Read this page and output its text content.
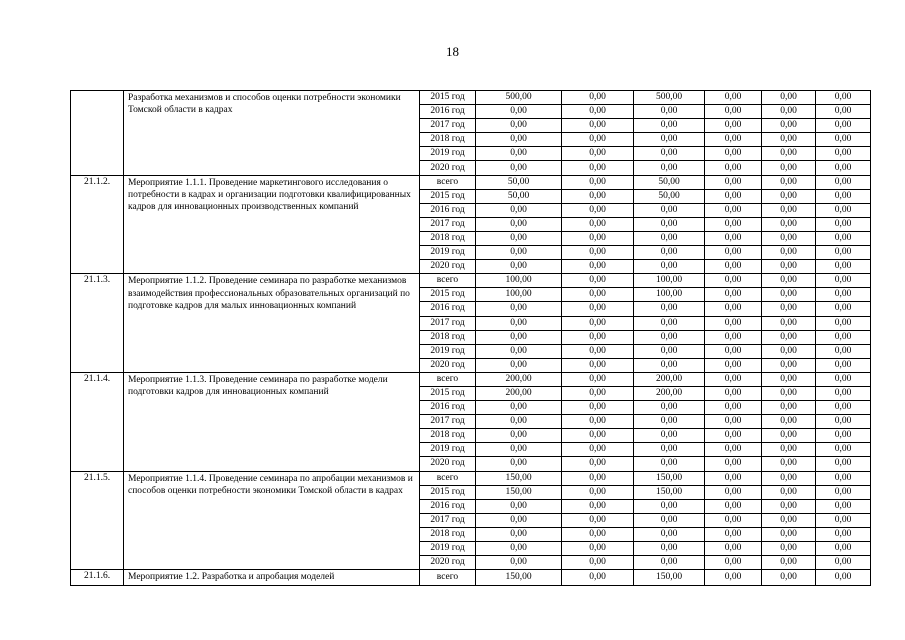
18
	Разработка механизмов и способов оценки потребности экономики Томской области в кадрах	2015 год	500,00	0,00	500,00	0,00	0,00	0,00
		2016 год	0,00	0,00	0,00	0,00	0,00	0,00
		2017 год	0,00	0,00	0,00	0,00	0,00	0,00
		2018 год	0,00	0,00	0,00	0,00	0,00	0,00
		2019 год	0,00	0,00	0,00	0,00	0,00	0,00
		2020 год	0,00	0,00	0,00	0,00	0,00	0,00
21.1.2.	Мероприятие 1.1.1. Проведение маркетингового исследования о потребности в кадрах и организации подготовки квалифицированных кадров для инновационных производственных компаний	всего	50,00	0,00	50,00	0,00	0,00	0,00
		2015 год	50,00	0,00	50,00	0,00	0,00	0,00
		2016 год	0,00	0,00	0,00	0,00	0,00	0,00
		2017 год	0,00	0,00	0,00	0,00	0,00	0,00
		2018 год	0,00	0,00	0,00	0,00	0,00	0,00
		2019 год	0,00	0,00	0,00	0,00	0,00	0,00
		2020 год	0,00	0,00	0,00	0,00	0,00	0,00
21.1.3.	Мероприятие 1.1.2. Проведение семинара по разработке механизмов взаимодействия профессиональных образовательных организаций по подготовке кадров для малых инновационных компаний	всего	100,00	0,00	100,00	0,00	0,00	0,00
		2015 год	100,00	0,00	100,00	0,00	0,00	0,00
		2016 год	0,00	0,00	0,00	0,00	0,00	0,00
		2017 год	0,00	0,00	0,00	0,00	0,00	0,00
		2018 год	0,00	0,00	0,00	0,00	0,00	0,00
		2019 год	0,00	0,00	0,00	0,00	0,00	0,00
		2020 год	0,00	0,00	0,00	0,00	0,00	0,00
21.1.4.	Мероприятие 1.1.3. Проведение семинара по разработке модели подготовки кадров для инновационных компаний	всего	200,00	0,00	200,00	0,00	0,00	0,00
		2015 год	200,00	0,00	200,00	0,00	0,00	0,00
		2016 год	0,00	0,00	0,00	0,00	0,00	0,00
		2017 год	0,00	0,00	0,00	0,00	0,00	0,00
		2018 год	0,00	0,00	0,00	0,00	0,00	0,00
		2019 год	0,00	0,00	0,00	0,00	0,00	0,00
		2020 год	0,00	0,00	0,00	0,00	0,00	0,00
21.1.5.	Мероприятие 1.1.4. Проведение семинара по апробации механизмов и способов оценки потребности экономики Томской области в кадрах	всего	150,00	0,00	150,00	0,00	0,00	0,00
		2015 год	150,00	0,00	150,00	0,00	0,00	0,00
		2016 год	0,00	0,00	0,00	0,00	0,00	0,00
		2017 год	0,00	0,00	0,00	0,00	0,00	0,00
		2018 год	0,00	0,00	0,00	0,00	0,00	0,00
		2019 год	0,00	0,00	0,00	0,00	0,00	0,00
		2020 год	0,00	0,00	0,00	0,00	0,00	0,00
21.1.6.	Мероприятие 1.2. Разработка и апробация моделей	всего	150,00	0,00	150,00	0,00	0,00	0,00
